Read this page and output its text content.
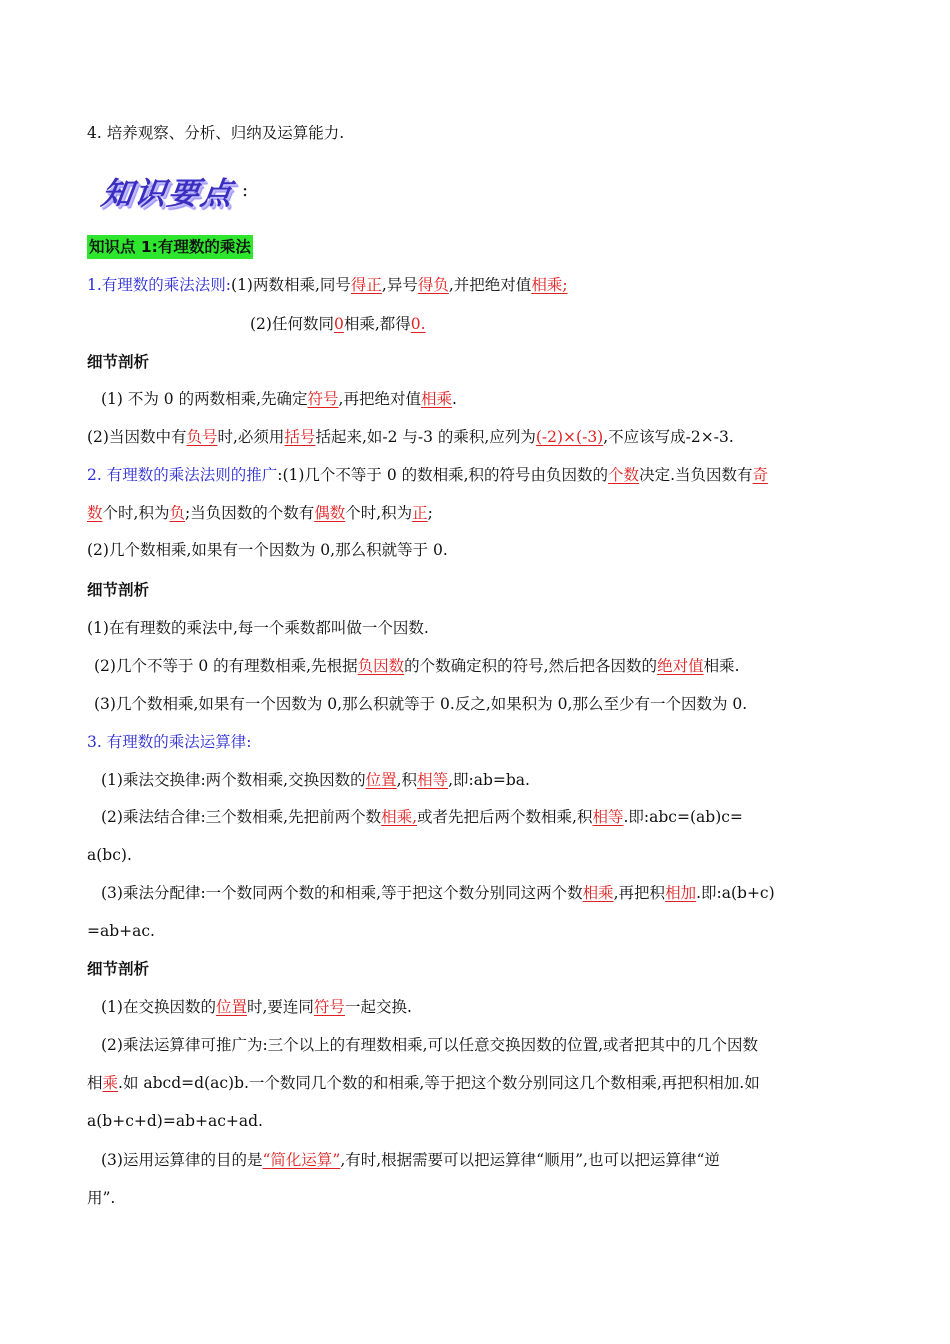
4. 培养观察、分析、归纳及运算能力.
知识要点 :
知识点 1:有理数的乘法
1.有理数的乘法法则:(1)两数相乘,同号得正,异号得负,并把绝对值相乘;
(2)任何数同0相乘,都得0.
细节剖析
(1) 不为 0 的两数相乘,先确定符号,再把绝对值相乘.
(2)当因数中有负号时,必须用括号括起来,如-2 与-3 的乘积,应列为(-2)×(-3),不应该写成-2×-3.
2. 有理数的乘法法则的推广:(1)几个不等于 0 的数相乘,积的符号由负因数的个数决定.当负因数有奇
数个时,积为负;当负因数的个数有偶数个时,积为正;
(2)几个数相乘,如果有一个因数为 0,那么积就等于 0.
细节剖析
(1)在有理数的乘法中,每一个乘数都叫做一个因数.
(2)几个不等于 0 的有理数相乘,先根据负因数的个数确定积的符号,然后把各因数的绝对值相乘.
(3)几个数相乘,如果有一个因数为 0,那么积就等于 0.反之,如果积为 0,那么至少有一个因数为 0.
3. 有理数的乘法运算律:
(1)乘法交换律:两个数相乘,交换因数的位置,积相等,即:ab=ba.
(2)乘法结合律:三个数相乘,先把前两个数相乘,或者先把后两个数相乘,积相等.即:abc=(ab)c=
a(bc).
(3)乘法分配律:一个数同两个数的和相乘,等于把这个数分别同这两个数相乘,再把积相加.即:a(b+c)
=ab+ac.
细节剖析
(1)在交换因数的位置时,要连同符号一起交换.
(2)乘法运算律可推广为:三个以上的有理数相乘,可以任意交换因数的位置,或者把其中的几个因数
相乘.如 abcd=d(ac)b.一个数同几个数的和相乘,等于把这个数分别同这几个数相乘,再把积相加.如
a(b+c+d)=ab+ac+ad.
(3)运用运算律的目的是“简化运算”,有时,根据需要可以把运算律“顺用”,也可以把运算律“逆
用”.
